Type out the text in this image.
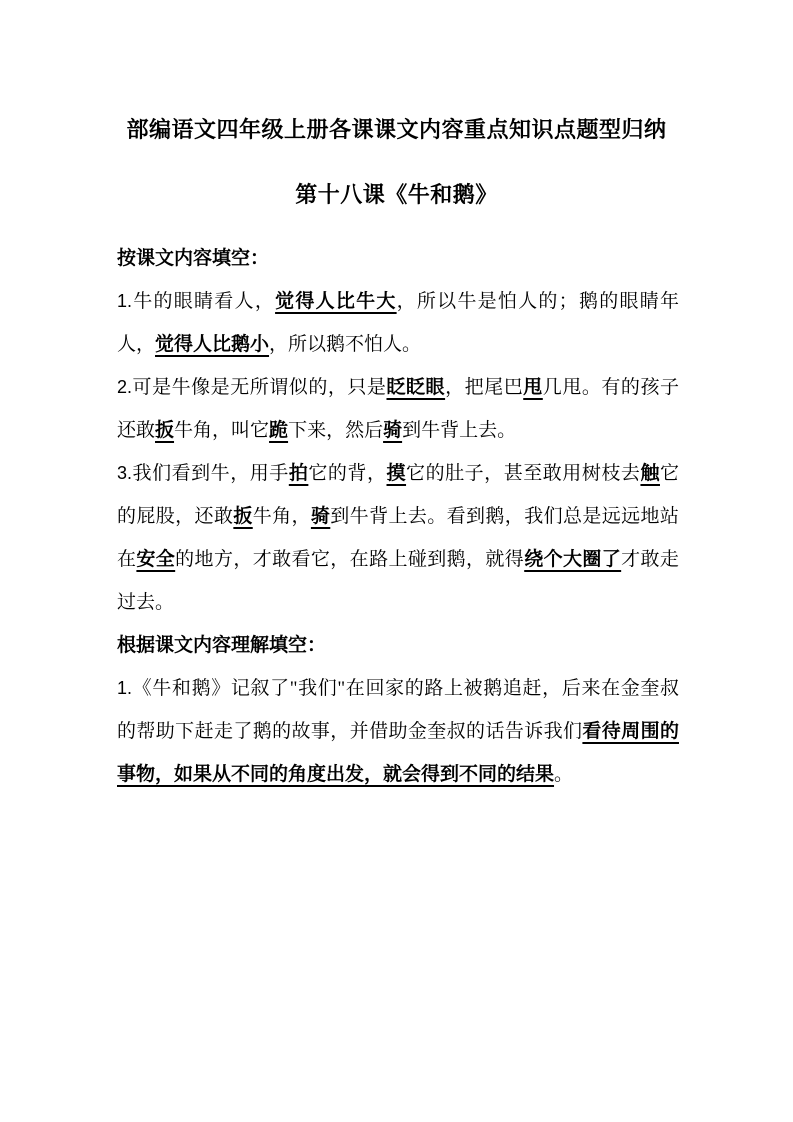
部编语文四年级上册各课课文内容重点知识点题型归纳
第十八课《牛和鹅》

按课文内容填空：

1.牛的眼睛看人，觉得人比牛大，所以牛是怕人的；鹅的眼睛年人，觉得人比鹅小，所以鹅不怕人。

2.可是牛像是无所谓似的，只是眨眨眼，把尾巴甩几甩。有的孩子还敢扳牛角，叫它跪下来，然后骑到牛背上去。

3.我们看到牛，用手拍它的背，摸它的肚子，甚至敢用树枝去触它的屁股，还敢扳牛角，骑到牛背上去。看到鹅，我们总是远远地站在安全的地方，才敢看它，在路上碰到鹅，就得绕个大圈了才敢走过去。

根据课文内容理解填空：

1.《牛和鹅》记叙了"我们"在回家的路上被鹅追赶，后来在金奎叔的帮助下赶走了鹅的故事，并借助金奎叔的话告诉我们看待周围的事物，如果从不同的角度出发，就会得到不同的结果。
